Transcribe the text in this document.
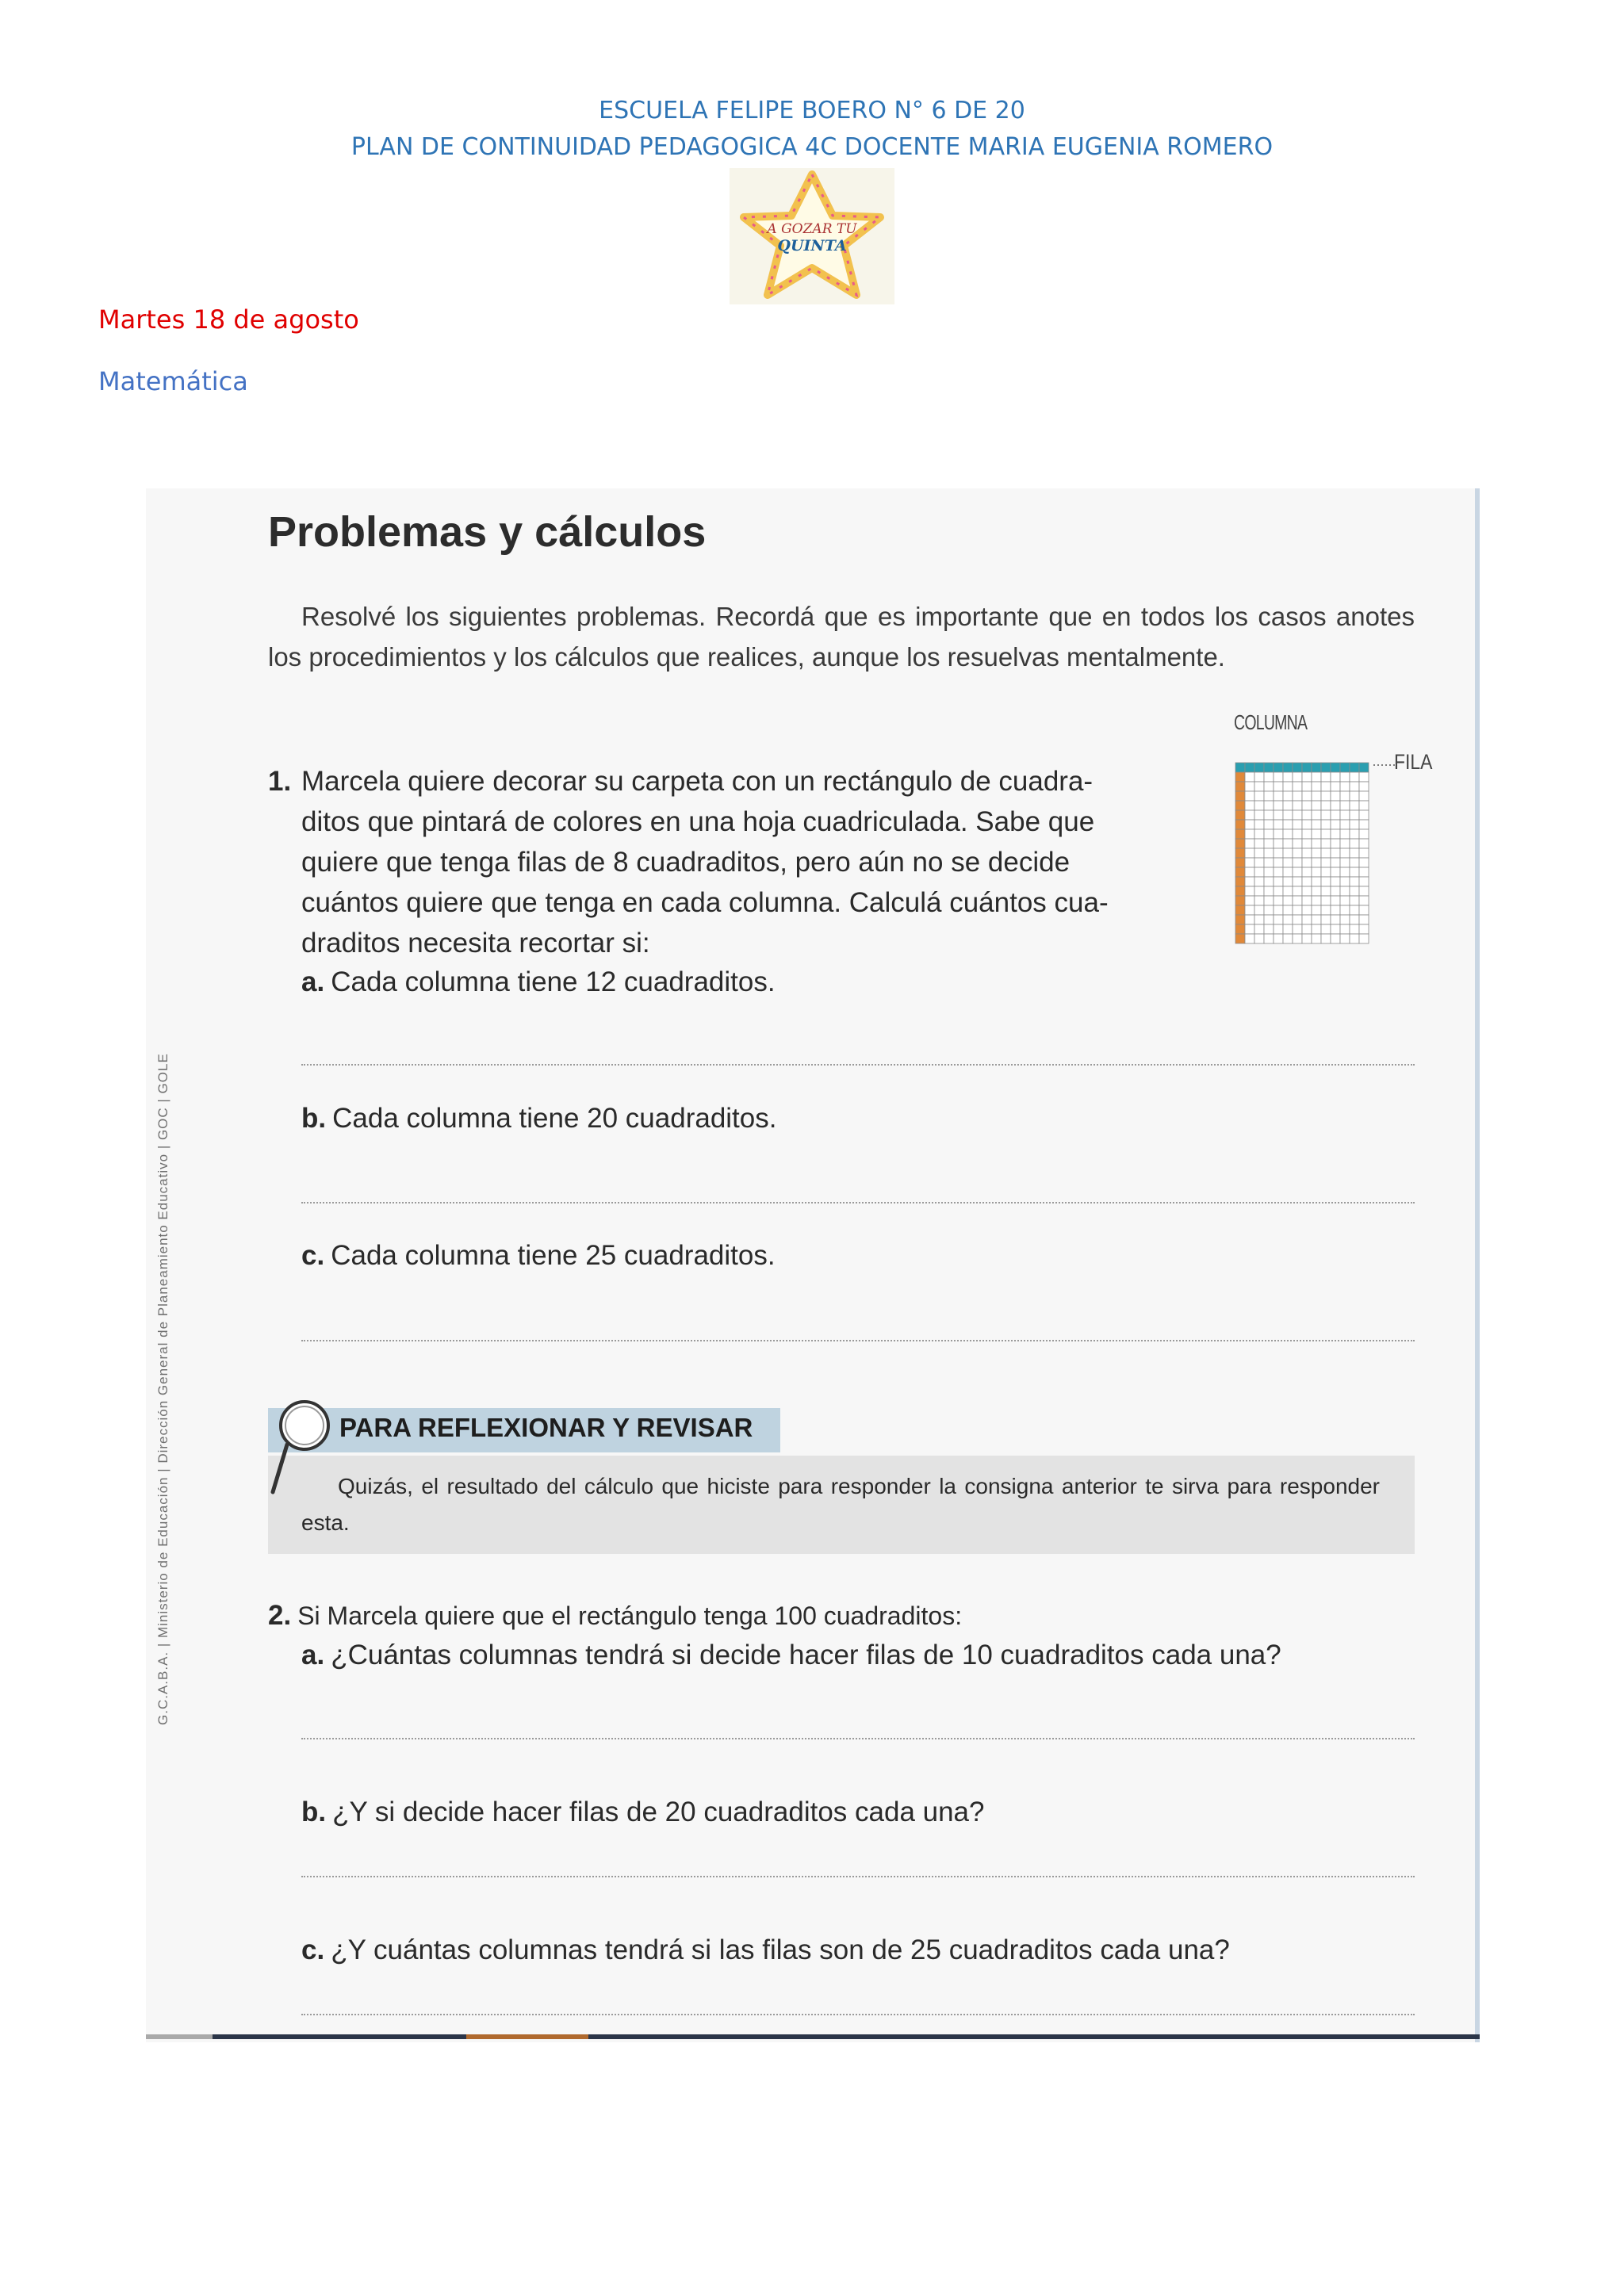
ESCUELA FELIPE BOERO N° 6 DE 20
PLAN DE CONTINUIDAD PEDAGOGICA 4C DOCENTE MARIA EUGENIA ROMERO
A GOZAR TU
QUINTA
Martes 18 de agosto
Matemática
G.C.A.B.A. | Ministerio de Educación | Dirección General de Planeamiento Educativo | GOC | GOLE
Problemas y cálculos
Resolvé los siguientes problemas. Recordá que es importante que en todos los casos anotes los procedimientos y los cálculos que realices, aunque los resuelvas mentalmente.
1. Marcela quiere decorar su carpeta con un rectángulo de cuadra-
ditos que pintará de colores en una hoja cuadriculada. Sabe que
quiere que tenga filas de 8 cuadraditos, pero aún no se decide
cuántos quiere que tenga en cada columna. Calculá cuántos cua-
draditos necesita recortar si:
a. Cada columna tiene 12 cuadraditos.
b. Cada columna tiene 20 cuadraditos.
c. Cada columna tiene 25 cuadraditos.
COLUMNA
FILA
PARA REFLEXIONAR Y REVISAR
Quizás, el resultado del cálculo que hiciste para responder la consigna anterior te sirva para responder esta.
2. Si Marcela quiere que el rectángulo tenga 100 cuadraditos:
a. ¿Cuántas columnas tendrá si decide hacer filas de 10 cuadraditos cada una?
b. ¿Y si decide hacer filas de 20 cuadraditos cada una?
c. ¿Y cuántas columnas tendrá si las filas son de 25 cuadraditos cada una?
